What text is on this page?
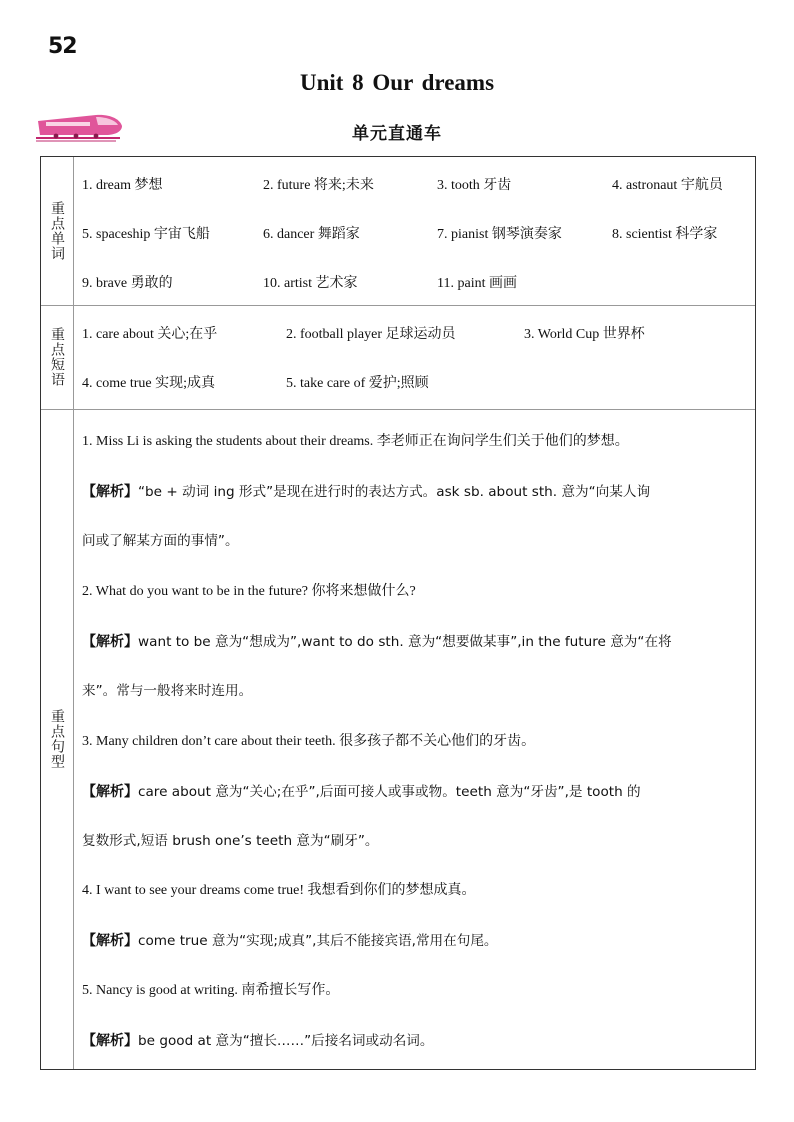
52
Unit 8 Our dreams
单元直通车
重点单词
1. dream 梦想	2. future 将来;未来	3. tooth 牙齿	4. astronaut 宇航员
5. spaceship 宇宙飞船	6. dancer 舞蹈家	7. pianist 钢琴演奏家	8. scientist 科学家
9. brave 勇敢的	10. artist 艺术家	11. paint 画画
重点短语 1. care about 关心;在乎	2. football player 足球运动员	3. World Cup 世界杯
4. come true 实现;成真	5. take care of 爱护;照顾
重点句型
1. Miss Li is asking the students about their dreams. 李老师正在询问学生们关于他们的梦想。
【解析】“be + 动词 ing 形式”是现在进行时的表达方式。ask sb. about sth. 意为“向某人询
问或了解某方面的事情”。
2. What do you want to be in the future? 你将来想做什么?
【解析】want to be 意为“想成为”,want to do sth. 意为“想要做某事”,in the future 意为“在将
来”。常与一般将来时连用。
3. Many children don’t care about their teeth. 很多孩子都不关心他们的牙齿。
【解析】care about 意为“关心;在乎”,后面可接人或事或物。teeth 意为“牙齿”,是 tooth 的
复数形式,短语 brush one’s teeth 意为“刷牙”。
4. I want to see your dreams come true! 我想看到你们的梦想成真。
【解析】come true 意为“实现;成真”,其后不能接宾语,常用在句尾。
5. Nancy is good at writing. 南希擅长写作。
【解析】be good at 意为“擅长……”后接名词或动名词。
